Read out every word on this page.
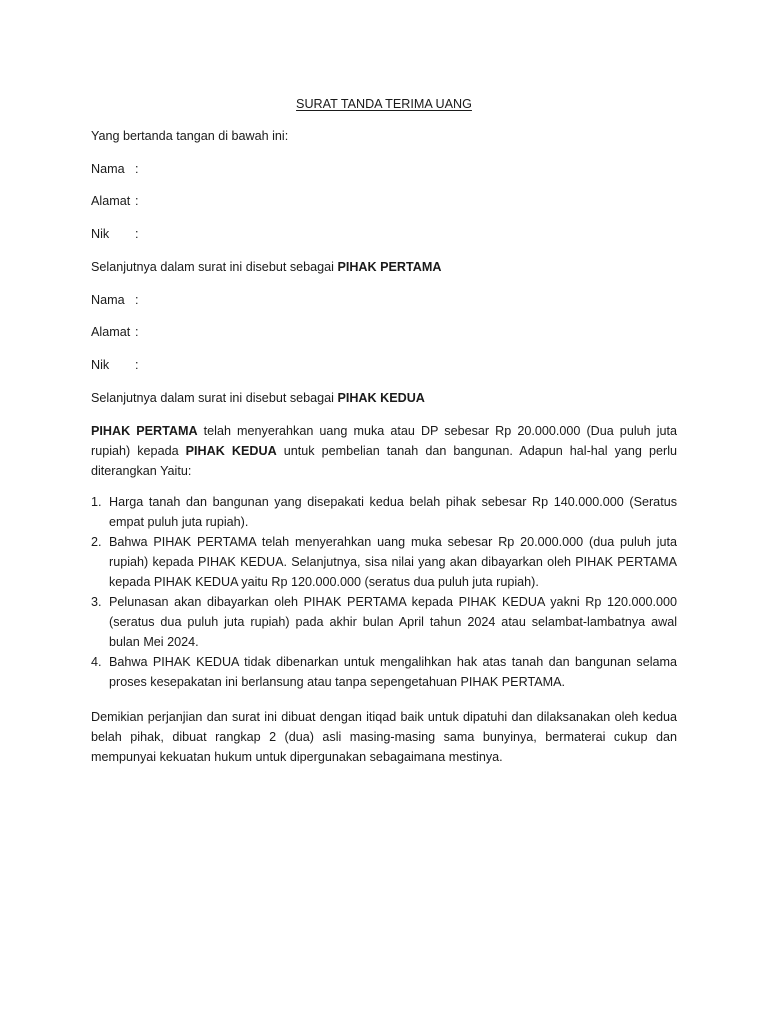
SURAT TANDA TERIMA UANG
Yang bertanda tangan di bawah ini:
Nama :
Alamat :
Nik :
Selanjutnya dalam surat ini disebut sebagai PIHAK PERTAMA
Nama :
Alamat :
Nik :
Selanjutnya dalam surat ini disebut sebagai PIHAK KEDUA
PIHAK PERTAMA telah menyerahkan uang muka atau DP sebesar Rp 20.000.000 (Dua puluh juta rupiah) kepada PIHAK KEDUA untuk pembelian tanah dan bangunan. Adapun hal-hal yang perlu diterangkan Yaitu:
1. Harga tanah dan bangunan yang disepakati kedua belah pihak sebesar Rp 140.000.000 (Seratus empat puluh juta rupiah).
2. Bahwa PIHAK PERTAMA telah menyerahkan uang muka sebesar Rp 20.000.000 (dua puluh juta rupiah) kepada PIHAK KEDUA. Selanjutnya, sisa nilai yang akan dibayarkan oleh PIHAK PERTAMA kepada PIHAK KEDUA yaitu Rp 120.000.000 (seratus dua puluh juta rupiah).
3. Pelunasan akan dibayarkan oleh PIHAK PERTAMA kepada PIHAK KEDUA yakni Rp 120.000.000 (seratus dua puluh juta rupiah) pada akhir bulan April tahun 2024 atau selambat-lambatnya awal bulan Mei 2024.
4. Bahwa PIHAK KEDUA tidak dibenarkan untuk mengalihkan hak atas tanah dan bangunan selama proses kesepakatan ini berlansung atau tanpa sepengetahuan PIHAK PERTAMA.
Demikian perjanjian dan surat ini dibuat dengan itiqad baik untuk dipatuhi dan dilaksanakan oleh kedua belah pihak, dibuat rangkap 2 (dua) asli masing-masing sama bunyinya, bermaterai cukup dan mempunyai kekuatan hukum untuk dipergunakan sebagaimana mestinya.
